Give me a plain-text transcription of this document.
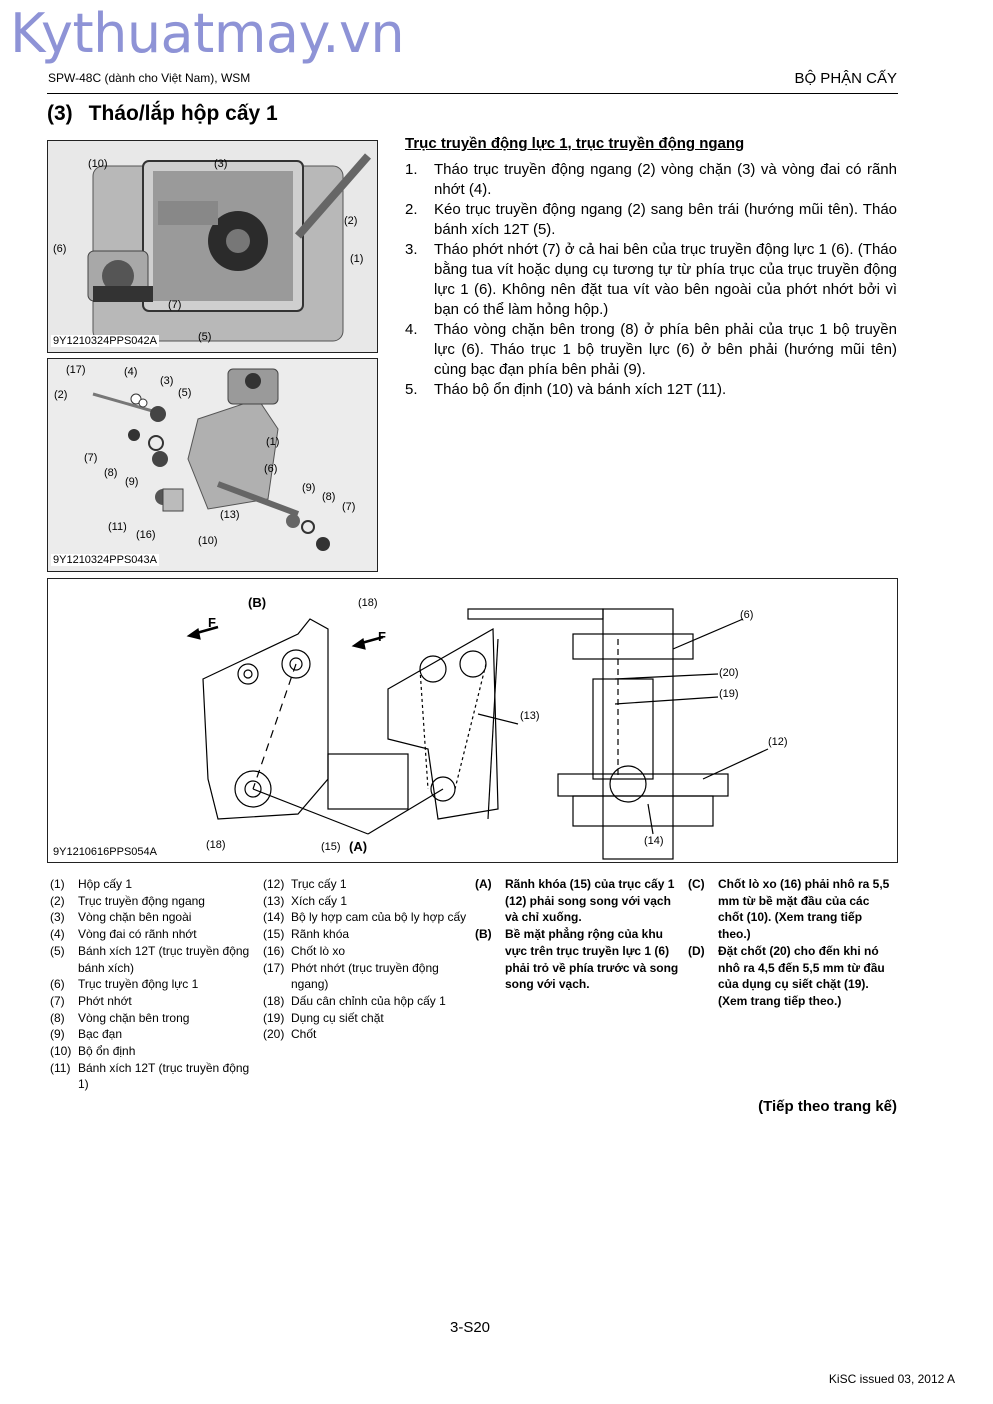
Kythuatmay.vn
SPW-48C (dành cho Việt Nam), WSM	BỘ PHẬN CẤY
(3) Tháo/lắp hộp cấy 1
(10)	(3)
(2)
(6)
(1)
(7)
(5)
9Y1210324PPS042A
(17)	(4)
(3)
(2)	(5)
(1)
(7)
(6)
(8)
(9)	(9)
(8)
(7)
(13)
(11)
(16)	(10)
9Y1210324PPS043A
Trục truyền động lực 1, trục truyền động ngang
1. Tháo trục truyền động ngang (2) vòng chặn (3) và vòng đai có rãnh nhớt (4).
2. Kéo trục truyền động ngang (2) sang bên trái (hướng mũi tên). Tháo bánh xích 12T (5).
3. Tháo phớt nhớt (7) ở cả hai bên của trục truyền động lực 1 (6). (Tháo bằng tua vít hoặc dụng cụ tương tự từ phía trục của trục truyền động lực 1 (6). Không nên đặt tua vít vào bên ngoài của phớt nhớt bởi vì bạn có thể làm hỏng hộp.)
4. Tháo vòng chặn bên trong (8) ở phía bên phải của trục 1 bộ truyền lực (6). Tháo trục 1 bộ truyền lực (6) ở bên phải (hướng mũi tên) cùng bạc đạn phía bên phải (9).
5. Tháo bộ ổn định (10) và bánh xích 12T (11).
(B)	(18)
F
F
(6)
(20)
(19)
(13)
(12)
(14)
(18)	(15) (A)
9Y1210616PPS054A
(1)	Hộp cấy 1
(2)	Trục truyền động ngang
(3)	Vòng chặn bên ngoài
(4)	Vòng đai có rãnh nhớt
(5)	Bánh xích 12T (trục truyền động bánh xích)
(6)	Trục truyền động lực 1
(7)	Phớt nhớt
(8)	Vòng chặn bên trong
(9)	Bạc đạn
(10) Bộ ổn định
(11) Bánh xích 12T (trục truyền động 1)
(12) Trục cấy 1
(13) Xích cấy 1
(14) Bộ ly hợp cam của bộ ly hợp cấy
(15) Rãnh khóa
(16) Chốt lò xo
(17) Phớt nhớt (trục truyền động ngang)
(18) Dấu cân chỉnh của hộp cấy 1
(19) Dụng cụ siết chặt
(20) Chốt
(A)	Rãnh khóa (15) của trục cấy 1 (12) phải song song với vạch và chỉ xuống.
(B)	Bề mặt phẳng rộng của khu vực trên trục truyền lực 1 (6) phải trỏ về phía trước và song song với vạch.
(C)	Chốt lò xo (16) phải nhô ra 5,5 mm từ bề mặt đầu của các chốt (10). (Xem trang tiếp theo.)
(D)	Đặt chốt (20) cho đến khi nó nhô ra 4,5 đến 5,5 mm từ đầu của dụng cụ siết chặt (19). (Xem trang tiếp theo.)
(Tiếp theo trang kế)
3-S20
KiSC issued 03, 2012 A
